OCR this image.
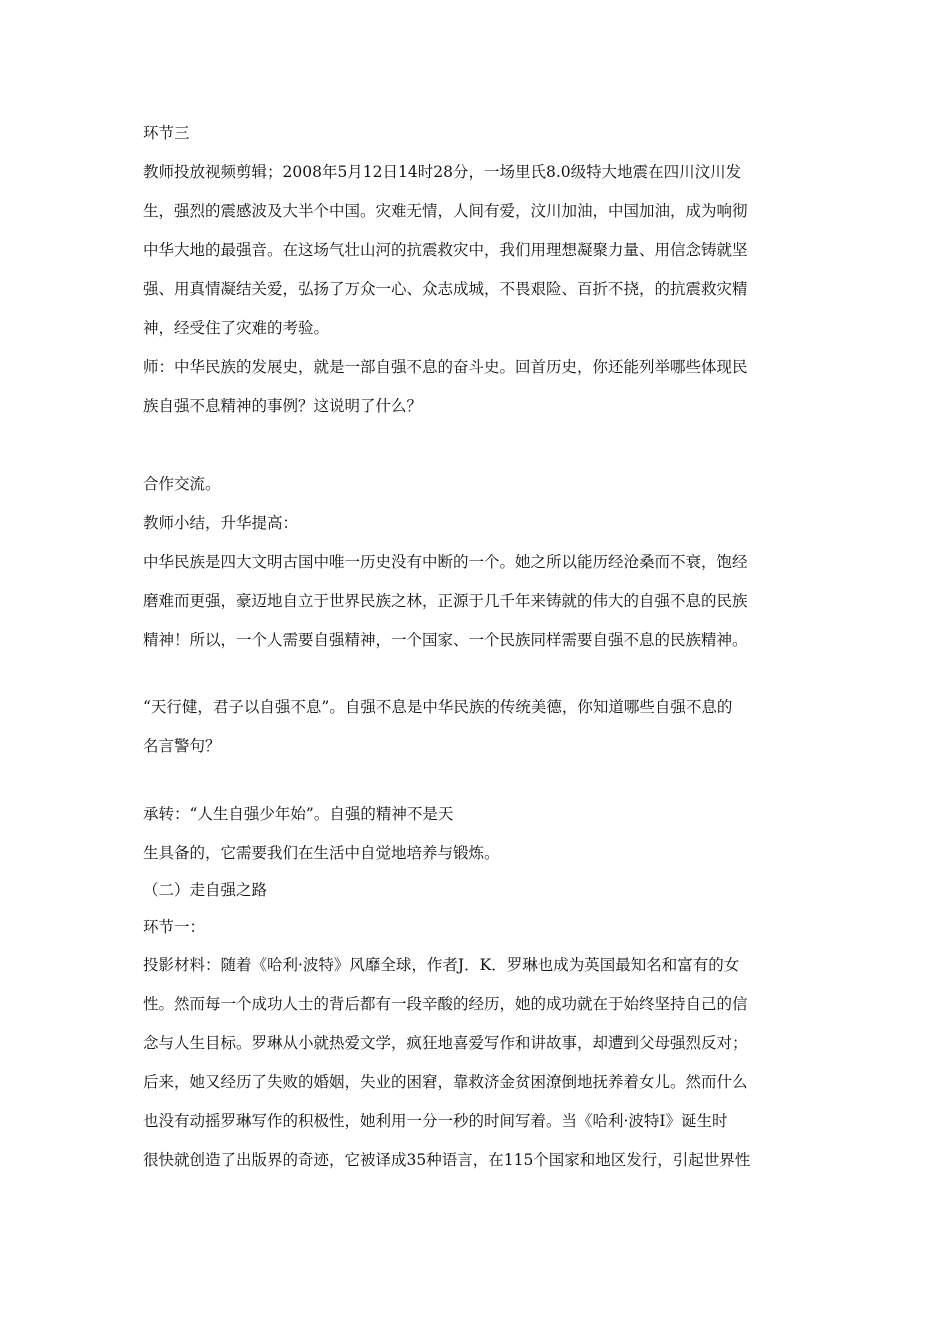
环节三

教师投放视频剪辑；2008年5月12日14时28分，一场里氏8.0级特大地震在四川汶川发

生，强烈的震感波及大半个中国。灾难无情，人间有爱，汶川加油，中国加油，成为响彻

中华大地的最强音。在这场气壮山河的抗震救灾中，我们用理想凝聚力量、用信念铸就坚

强、用真情凝结关爱，弘扬了万众一心、众志成城，不畏艰险、百折不挠，的抗震救灾精

神，经受住了灾难的考验。

师：中华民族的发展史，就是一部自强不息的奋斗史。回首历史，你还能列举哪些体现民

族自强不息精神的事例？这说明了什么？

合作交流。

教师小结，升华提高：

中华民族是四大文明古国中唯一历史没有中断的一个。她之所以能历经沧桑而不衰，饱经

磨难而更强，豪迈地自立于世界民族之林，正源于几千年来铸就的伟大的自强不息的民族

精神！所以，一个人需要自强精神，一个国家、一个民族同样需要自强不息的民族精神。

“天行健，君子以自强不息”。自强不息是中华民族的传统美德，你知道哪些自强不息的

名言警句？

承转：“人生自强少年始”。自强的精神不是天

生具备的，它需要我们在生活中自觉地培养与锻炼。

（二）走自强之路

环节一：

投影材料：随着《哈利·波特》风靡全球，作者J．K．罗琳也成为英国最知名和富有的女

性。然而每一个成功人士的背后都有一段辛酸的经历，她的成功就在于始终坚持自己的信

念与人生目标。罗琳从小就热爱文学，疯狂地喜爱写作和讲故事，却遭到父母强烈反对；

后来，她又经历了失败的婚姻，失业的困窘，靠救济金贫困潦倒地抚养着女儿。然而什么

也没有动摇罗琳写作的积极性，她利用一分一秒的时间写着。当《哈利·波特Ⅰ》诞生时

很快就创造了出版界的奇迹，它被译成35种语言，在115个国家和地区发行，引起世界性
